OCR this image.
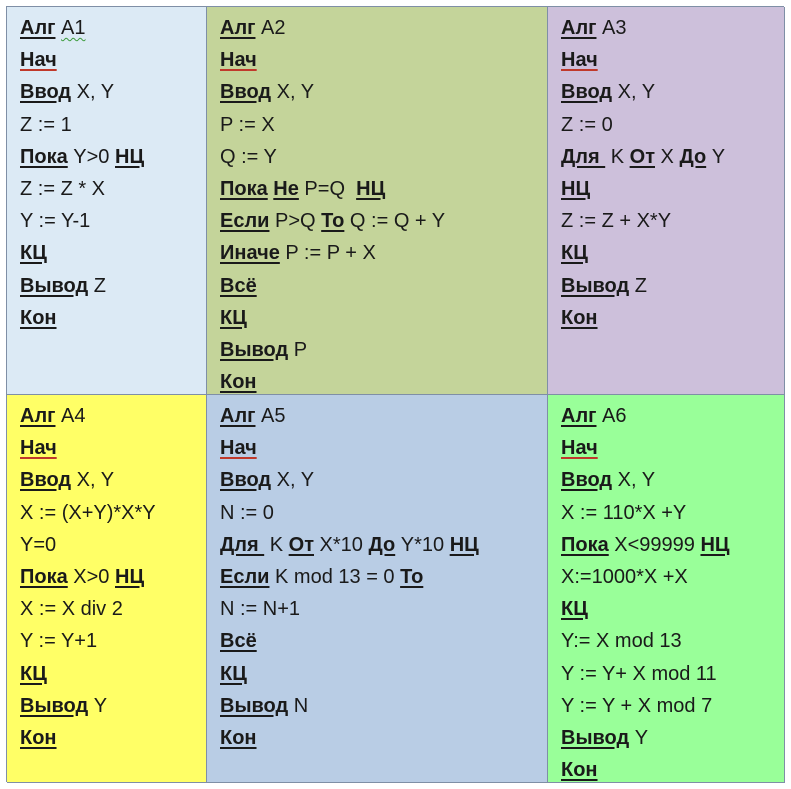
Алг A1
Нач
Ввод X, Y
Z := 1
Пока Y>0 НЦ
Z := Z * X
Y := Y-1
КЦ
Вывод Z
Кон
Алг A2
Нач
Ввод X, Y
P := X
Q := Y
Пока Не P=Q  НЦ
Если P>Q То Q := Q + Y
Иначе P := P + X
Всё
КЦ
Вывод P
Кон
Алг A3
Нач
Ввод X, Y
Z := 0
Для  K От X До Y
НЦ
Z := Z + X*Y
КЦ
Вывод Z
Кон
Алг A4
Нач
Ввод X, Y
X := (X+Y)*X*Y
Y=0
Пока X>0 НЦ
X := X div 2
Y := Y+1
КЦ
Вывод Y
Кон
Алг A5
Нач
Ввод X, Y
N := 0
Для  K От X*10 До Y*10 НЦ
Если K mod 13 = 0 То
N := N+1
Всё
КЦ
Вывод N
Кон
Алг A6
Нач
Ввод X, Y
X := 110*X +Y
Пока X<99999 НЦ
X:=1000*X +X
КЦ
Y:= X mod 13
Y := Y+ X mod 11
Y := Y + X mod 7
Вывод Y
Кон
